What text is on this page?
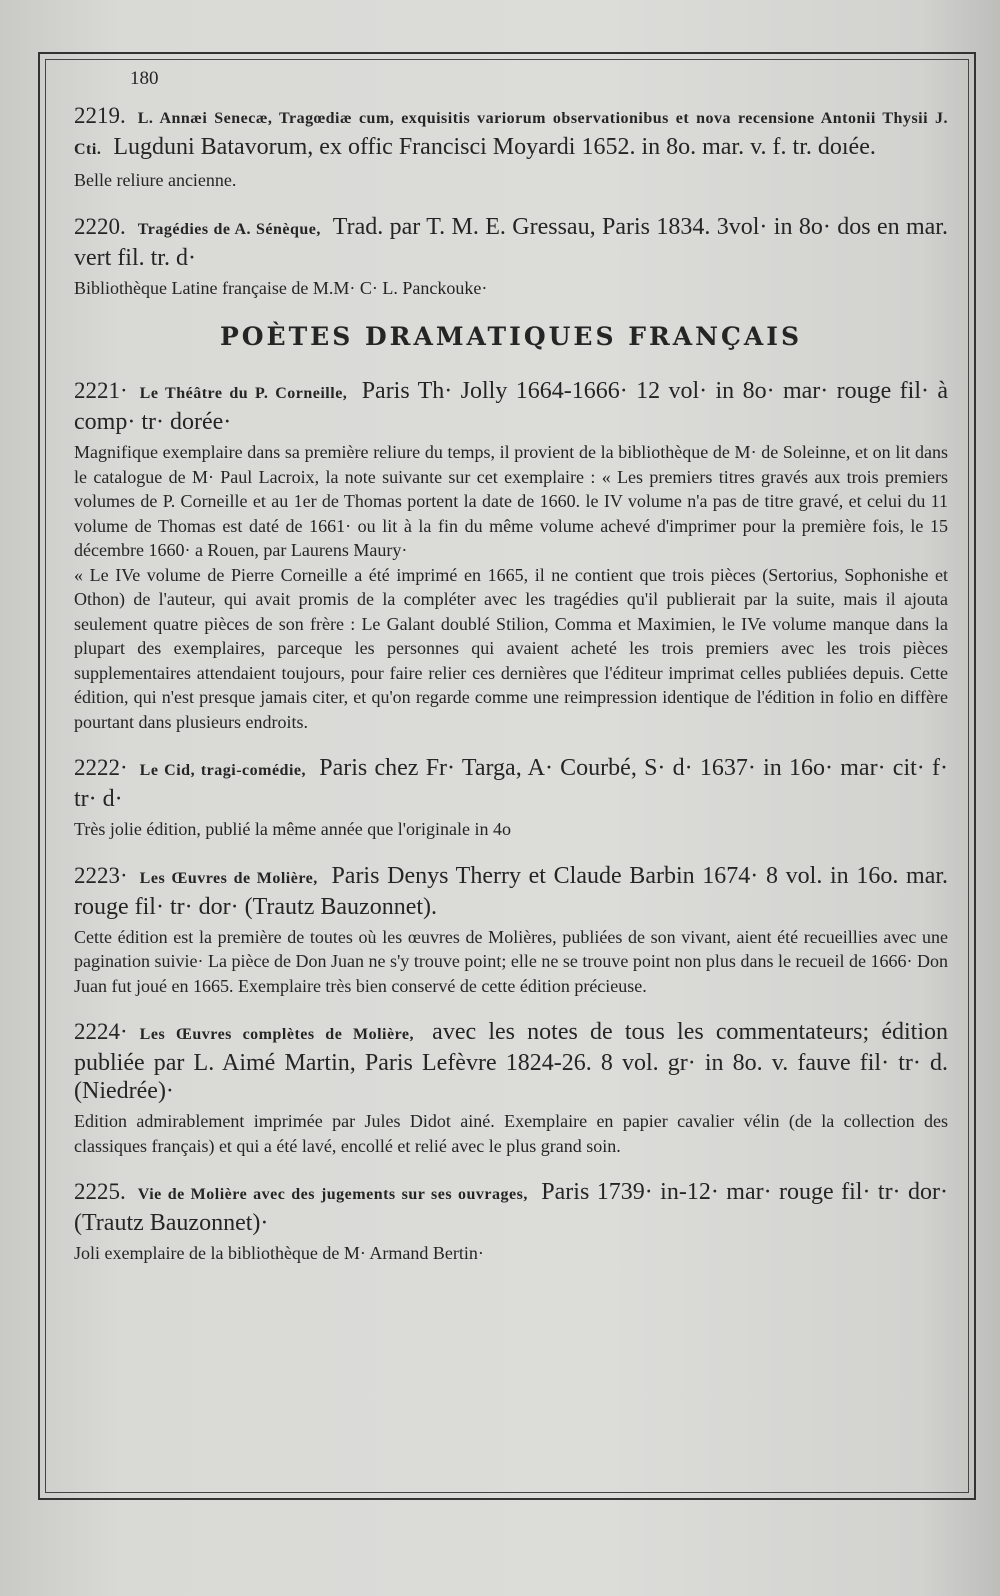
180
2219. L. Annæi Senecæ, Tragœdiæ cum, exquisitis variorum observationibus et nova recensione Antonii Thysii J. Cti. Lugduni Batavorum, ex offic Francisci Moyardi 1652. in 8o. mar. v. f. tr. doıée.
Belle reliure ancienne.
2220. Tragédies de A. Sénèque, Trad. par T. M. E. Gressau, Paris 1834. 3vol· in 8o· dos en mar. vert fil. tr. d·
Bibliothèque Latine française de M.M· C· L. Panckouke·
POÈTES DRAMATIQUES FRANÇAIS
2221· Le Théâtre du P. Corneille, Paris Th· Jolly 1664-1666· 12 vol· in 8o· mar· rouge fil· à comp· tr· dorée·
Magnifique exemplaire dans sa première reliure du temps, il provient de la bibliothèque de M· de Soleinne, et on lit dans le catalogue de M· Paul Lacroix, la note suivante sur cet exemplaire : « Les premiers titres gravés aux trois premiers volumes de P. Corneille et au 1er de Thomas portent la date de 1660. le IV volume n'a pas de titre gravé, et celui du 11 volume de Thomas est daté de 1661· ou lit à la fin du même volume achevé d'imprimer pour la première fois, le 15 décembre 1660· a Rouen, par Laurens Maury·
« Le IVe volume de Pierre Corneille a été imprimé en 1665, il ne contient que trois pièces (Sertorius, Sophonishe et Othon) de l'auteur, qui avait promis de la compléter avec les tragédies qu'il publierait par la suite, mais il ajouta seulement quatre pièces de son frère : Le Galant doublé Stilion, Comma et Maximien, le IVe volume manque dans la plupart des exemplaires, parceque les personnes qui avaient acheté les trois premiers avec les trois pièces supplementaires attendaient toujours, pour faire relier ces dernières que l'éditeur imprimat celles publiées depuis. Cette édition, qui n'est presque jamais citer, et qu'on regarde comme une reimpression identique de l'édition in folio en diffère pourtant dans plusieurs endroits.
2222· Le Cid, tragi-comédie, Paris chez Fr· Targa, A· Courbé, S· d· 1637· in 16o· mar· cit· f· tr· d·
Très jolie édition, publié la même année que l'originale in 4o
2223· Les Œuvres de Molière, Paris Denys Therry et Claude Barbin 1674· 8 vol. in 16o. mar. rouge fil· tr· dor· (Trautz Bauzonnet).
Cette édition est la première de toutes où les œuvres de Molières, publiées de son vivant, aient été recueillies avec une pagination suivie· La pièce de Don Juan ne s'y trouve point; elle ne se trouve point non plus dans le recueil de 1666· Don Juan fut joué en 1665. Exemplaire très bien conservé de cette édition précieuse.
2224· Les Œuvres complètes de Molière, avec les notes de tous les commentateurs; édition publiée par L. Aimé Martin, Paris Lefèvre 1824-26. 8 vol. gr· in 8o. v. fauve fil· tr· d. (Niedrée)·
Edition admirablement imprimée par Jules Didot ainé. Exemplaire en papier cavalier vélin (de la collection des classiques français) et qui a été lavé, encollé et relié avec le plus grand soin.
2225. Vie de Molière avec des jugements sur ses ouvrages, Paris 1739· in-12· mar· rouge fil· tr· dor· (Trautz Bauzonnet)·
Joli exemplaire de la bibliothèque de M· Armand Bertin·
